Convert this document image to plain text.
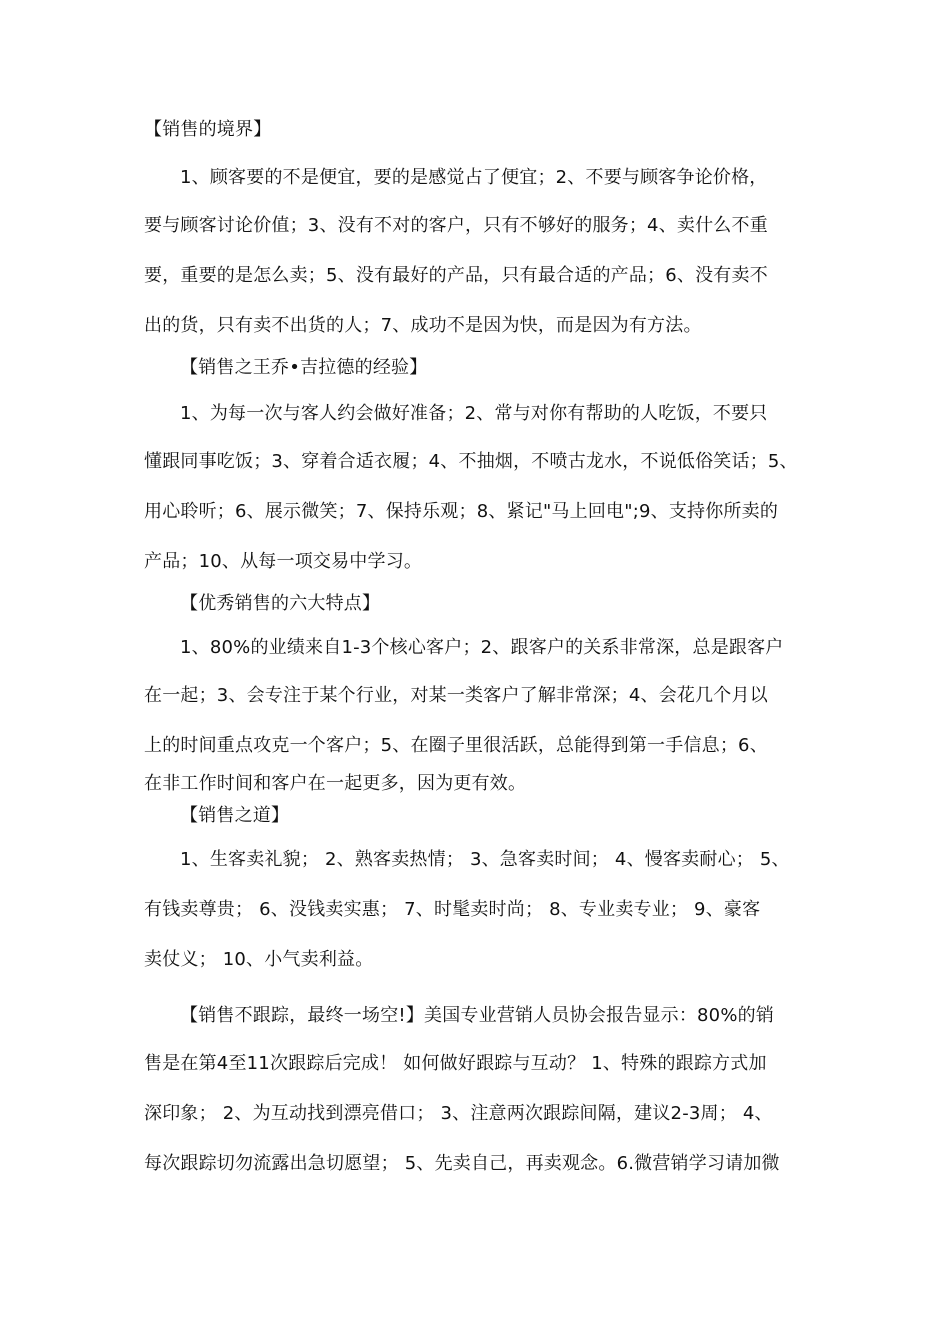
【销售的境界】
1、顾客要的不是便宜，要的是感觉占了便宜；2、不要与顾客争论价格，
要与顾客讨论价值；3、没有不对的客户，只有不够好的服务；4、卖什么不重
要，重要的是怎么卖；5、没有最好的产品，只有最合适的产品；6、没有卖不
出的货，只有卖不出货的人；7、成功不是因为快，而是因为有方法。
【销售之王乔•吉拉德的经验】
1、为每一次与客人约会做好准备；2、常与对你有帮助的人吃饭，不要只
懂跟同事吃饭；3、穿着合适衣履；4、不抽烟，不喷古龙水，不说低俗笑话；5、
用心聆听；6、展示微笑；7、保持乐观；8、紧记"马上回电";9、支持你所卖的
产品；10、从每一项交易中学习。
【优秀销售的六大特点】
1、80%的业绩来自1-3个核心客户；2、跟客户的关系非常深，总是跟客户
在一起；3、会专注于某个行业，对某一类客户了解非常深；4、会花几个月以
上的时间重点攻克一个客户；5、在圈子里很活跃，总能得到第一手信息；6、
在非工作时间和客户在一起更多，因为更有效。
【销售之道】
1、生客卖礼貌； 2、熟客卖热情； 3、急客卖时间； 4、慢客卖耐心； 5、
有钱卖尊贵； 6、没钱卖实惠； 7、时髦卖时尚； 8、专业卖专业； 9、豪客
卖仗义； 10、小气卖利益。
【销售不跟踪，最终一场空!】美国专业营销人员协会报告显示：80%的销
售是在第4至11次跟踪后完成！ 如何做好跟踪与互动？ 1、特殊的跟踪方式加
深印象； 2、为互动找到漂亮借口； 3、注意两次跟踪间隔，建议2-3周； 4、
每次跟踪切勿流露出急切愿望； 5、先卖自己，再卖观念。6.微营销学习请加微
